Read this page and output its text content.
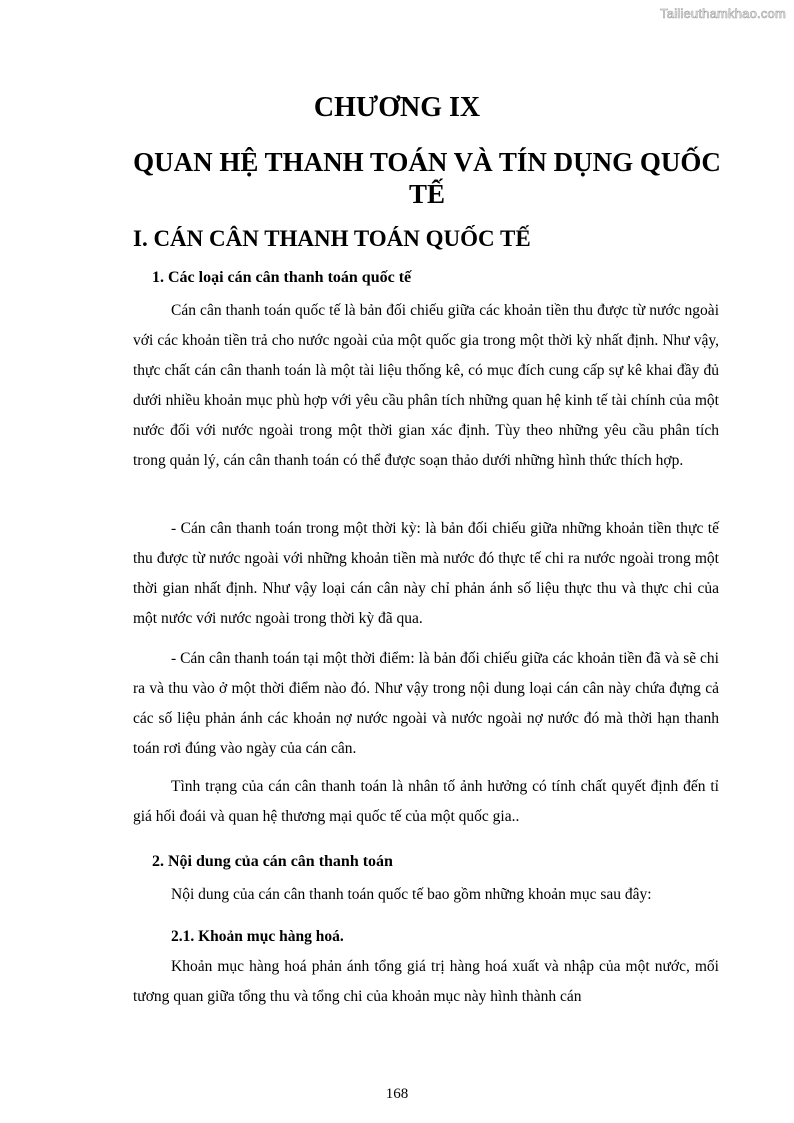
Tailieuthamkhao.com
CHƯƠNG IX
QUAN HỆ THANH TOÁN VÀ TÍN DỤNG QUỐC TẾ
I. CÁN CÂN THANH TOÁN QUỐC TẾ
1. Các loại cán cân thanh toán quốc tế

Cán cân thanh toán quốc tế là bản đối chiếu giữa các khoản tiền thu được từ nước ngoài với các khoản tiền trả cho nước ngoài của một quốc gia trong một thời kỳ nhất định. Như vậy, thực chất cán cân thanh toán là một tài liệu thống kê, có mục đích cung cấp sự kê khai đầy đủ dưới nhiều khoản mục phù hợp với yêu cầu phân tích những quan hệ kinh tế tài chính của một nước đối với nước ngoài trong một thời gian xác định. Tùy theo những yêu cầu phân tích trong quản lý, cán cân thanh toán có thể được soạn thảo dưới những hình thức thích hợp.

- Cán cân thanh toán trong một thời kỳ: là bản đối chiếu giữa những khoản tiền thực tế thu được từ nước ngoài với những khoản tiền mà nước đó thực tế chi ra nước ngoài trong một thời gian nhất định. Như vậy loại cán cân này chỉ phản ánh số liệu thực thu và thực chi của một nước với nước ngoài trong thời kỳ đã qua.

- Cán cân thanh toán tại một thời điểm: là bản đối chiếu giữa các khoản tiền đã và sẽ chi ra và thu vào ở một thời điểm nào đó. Như vậy trong nội dung loại cán cân này chứa đựng cả các số liệu phản ánh các khoản nợ nước ngoài và nước ngoài nợ nước đó mà thời hạn thanh toán rơi đúng vào ngày của cán cân.

Tình trạng của cán cân thanh toán là nhân tố ảnh hưởng có tính chất quyết định đến tỉ giá hối đoái và quan hệ thương mại quốc tế của một quốc gia..

2. Nội dung của cán cân thanh toán

Nội dung của cán cân thanh toán quốc tế bao gồm những khoản mục sau đây:

2.1. Khoản mục hàng hoá.

Khoản mục hàng hoá phản ánh tổng giá trị hàng hoá xuất và nhập của một nước, mối tương quan giữa tổng thu và tổng chi của khoản mục này hình thành cán

168
